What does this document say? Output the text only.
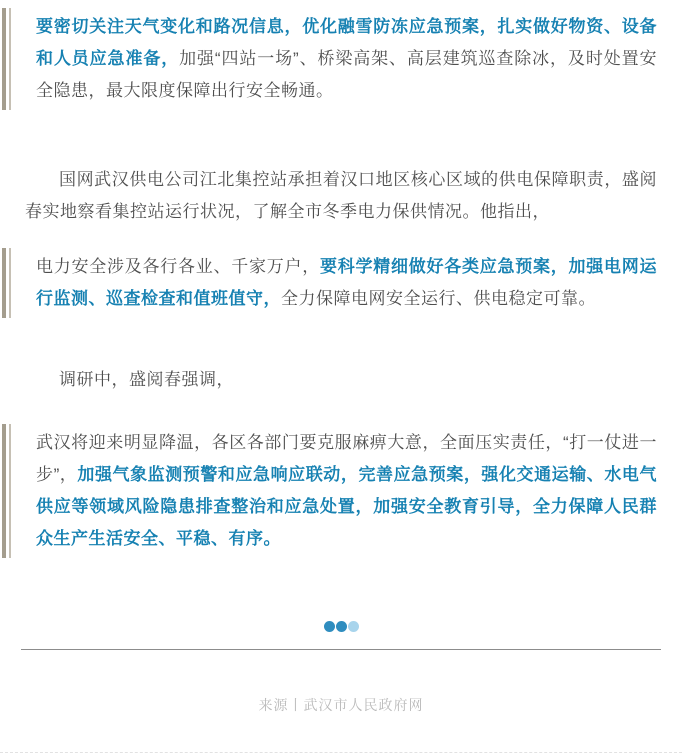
要密切关注天气变化和路况信息，优化融雪防冻应急预案，扎实做好物资、设备和人员应急准备，加强“四站一场”、桥梁高架、高层建筑巡查除冰，及时处置安全隐患，最大限度保障出行安全畅通。

国网武汉供电公司江北集控站承担着汉口地区核心区域的供电保障职责，盛阅春实地察看集控站运行状况，了解全市冬季电力保供情况。他指出，

电力安全涉及各行各业、千家万户，要科学精细做好各类应急预案，加强电网运行监测、巡查检查和值班值守，全力保障电网安全运行、供电稳定可靠。

调研中，盛阅春强调，

武汉将迎来明显降温，各区各部门要克服麻痹大意，全面压实责任，“打一仗进一步”，加强气象监测预警和应急响应联动，完善应急预案，强化交通运输、水电气供应等领域风险隐患排查整治和应急处置，加强安全教育引导，全力保障人民群众生产生活安全、平稳、有序。
来源丨武汉市人民政府网
